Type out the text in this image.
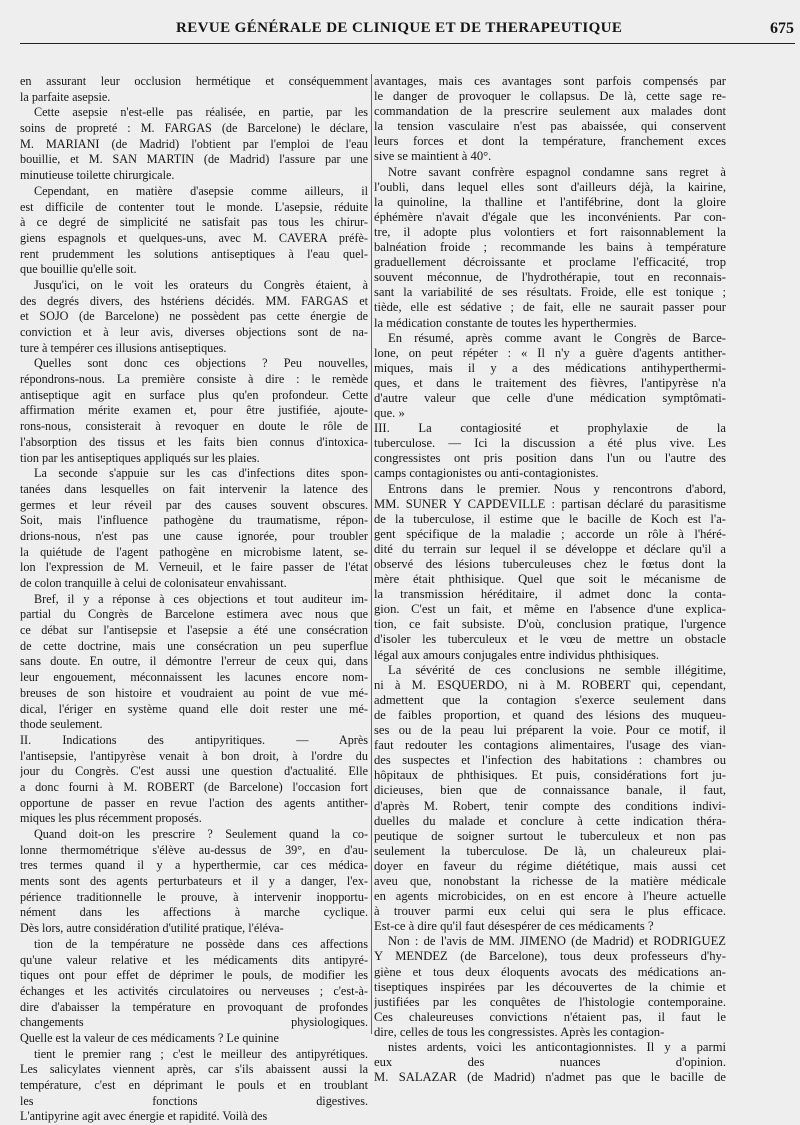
REVUE GÉNÉRALE DE CLINIQUE ET DE THERAPEUTIQUE	675
en assurant leur occlusion hermétique et conséquemment
la parfaite asepsie.
Cette asepsie n'est-elle pas réalisée, en partie, par les
soins de propreté : M. FARGAS (de Barcelone) le déclare,
M. MARIANI (de Madrid) l'obtient par l'emploi de l'eau
bouillie, et M. SAN MARTIN (de Madrid) l'assure par une
minutieuse toilette chirurgicale.
Cependant, en matière d'asepsie comme ailleurs, il
est difficile de contenter tout le monde. L'asepsie, réduite
à ce degré de simplicité ne satisfait pas tous les chirur-
giens espagnols et quelques-uns, avec M. CAVERA préfè-
rent prudemment les solutions antiseptiques à l'eau quel-
que bouillie qu'elle soit.
Jusqu'ici, on le voit les orateurs du Congrès étaient, à
des degrés divers, des hstériens décidés. MM. FARGAS et
et SOJO (de Barcelone) ne possèdent pas cette énergie de
conviction et à leur avis, diverses objections sont de na-
ture à tempérer ces illusions antiseptiques.
Quelles sont donc ces objections ? Peu nouvelles,
répondrons-nous. La première consiste à dire : le remède
antiseptique agit en surface plus qu'en profondeur. Cette
affirmation mérite examen et, pour être justifiée, ajoute-
rons-nous, consisterait à revoquer en doute le rôle de
l'absorption des tissus et les faits bien connus d'intoxica-
tion par les antiseptiques appliqués sur les plaies.
La seconde s'appuie sur les cas d'infections dites spon-
tanées dans lesquelles on fait intervenir la latence des
germes et leur réveil par des causes souvent obscures.
Soit, mais l'influence pathogène du traumatisme, répon-
drions-nous, n'est pas une cause ignorée, pour troubler
la quiétude de l'agent pathogène en microbisme latent, se-
lon l'expression de M. Verneuil, et le faire passer de l'état
de colon tranquille à celui de colonisateur envahissant.
Bref, il y a réponse à ces objections et tout auditeur im-
partial du Congrès de Barcelone estimera avec nous que
ce débat sur l'antisepsie et l'asepsie a été une consécration
de cette doctrine, mais une consécration un peu superflue
sans doute. En outre, il démontre l'erreur de ceux qui, dans
leur engouement, méconnaissent les lacunes encore nom-
breuses de son histoire et voudraient au point de vue mé-
dical, l'ériger en système quand elle doit rester une mé-
thode seulement.
II. Indications des antipyritiques. — Après
l'antisepsie, l'antipyrèse venait à bon droit, à l'ordre du
jour du Congrès. C'est aussi une question d'actualité. Elle
a donc fourni à M. ROBERT (de Barcelone) l'occasion fort
opportune de passer en revue l'action des agents antither-
miques les plus récemment proposés.
Quand doit-on les prescrire ? Seulement quand la co-
lonne thermométrique s'élève au-dessus de 39°, en d'au-
tres termes quand il y a hyperthermie, car ces médica-
ments sont des agents perturbateurs et il y a danger, l'ex-
périence traditionnelle le prouve, à intervenir inopportu-
nément dans les affections à marche cyclique.
Dès lors, autre considération d'utilité pratique, l'éléva-
tion de la température ne possède dans ces affections
qu'une valeur relative et les médicaments dits antipyré-
tiques ont pour effet de déprimer le pouls, de modifier les
échanges et les activités circulatoires ou nerveuses ; c'est-à-
dire d'abaisser la température en provoquant de profondes
changements physiologiques.
Quelle est la valeur de ces médicaments ? Le quinine
tient le premier rang ; c'est le meilleur des antipyrétiques.
Les salicylates viennent après, car s'ils abaissent aussi la
température, c'est en déprimant le pouls et en troublant
les fonctions digestives.
L'antipyrine agit avec énergie et rapidité. Voilà des
avantages, mais ces avantages sont parfois compensés par
le danger de provoquer le collapsus. De là, cette sage re-
commandation de la prescrire seulement aux malades dont
la tension vasculaire n'est pas abaissée, qui conservent
leurs forces et dont la température, franchement exces
sive se maintient à 40°.
Notre savant confrère espagnol condamne sans regret à
l'oubli, dans lequel elles sont d'ailleurs déjà, la kairine,
la quinoline, la thalline et l'antifébrine, dont la gloire
éphémère n'avait d'égale que les inconvénients. Par con-
tre, il adopte plus volontiers et fort raisonnablement la
balnéation froide ; recommande les bains à température
graduellement décroissante et proclame l'efficacité, trop
souvent méconnue, de l'hydrothérapie, tout en reconnais-
sant la variabilité de ses résultats. Froide, elle est tonique ;
tiède, elle est sédative ; de fait, elle ne saurait passer pour
la médication constante de toutes les hyperthermies.
En résumé, après comme avant le Congrès de Barce-
lone, on peut répéter : « Il n'y a guère d'agents antither-
miques, mais il y a des médications antihyperthermi-
ques, et dans le traitement des fièvres, l'antipyrèse n'a
d'autre valeur que celle d'une médication symptômati-
que. »
III. La contagiosité et prophylaxie de la
tuberculose. — Ici la discussion a été plus vive. Les
congressistes ont pris position dans l'un ou l'autre des
camps contagionistes ou anti-contagionistes.
Entrons dans le premier. Nous y rencontrons d'abord,
MM. SUNER Y CAPDEVILLE : partisan déclaré du parasitisme
de la tuberculose, il estime que le bacille de Koch est l'a-
gent spécifique de la maladie ; accorde un rôle à l'héré-
dité du terrain sur lequel il se développe et déclare qu'il a
observé des lésions tuberculeuses chez le fœtus dont la
mère était phthisique. Quel que soit le mécanisme de
la transmission héréditaire, il admet donc la conta-
gion. C'est un fait, et même en l'absence d'une explica-
tion, ce fait subsiste. D'où, conclusion pratique, l'urgence
d'isoler les tuberculeux et le vœu de mettre un obstacle
légal aux amours conjugales entre individus phthisiques.
La sévérité de ces conclusions ne semble illégitime,
ni à M. ESQUERDO, ni à M. ROBERT qui, cependant,
admettent que la contagion s'exerce seulement dans
de faibles proportion, et quand des lésions des muqueu-
ses ou de la peau lui préparent la voie. Pour ce motif, il
faut redouter les contagions alimentaires, l'usage des vian-
des suspectes et l'infection des habitations : chambres ou
hôpitaux de phthisiques. Et puis, considérations fort ju-
dicieuses, bien que de connaissance banale, il faut,
d'après M. Robert, tenir compte des conditions indivi-
duelles du malade et conclure à cette indication théra-
peutique de soigner surtout le tuberculeux et non pas
seulement la tuberculose. De là, un chaleureux plai-
doyer en faveur du régime diététique, mais aussi cet
aveu que, nonobstant la richesse de la matière médicale
en agents microbicides, on en est encore à l'heure actuelle
à trouver parmi eux celui qui sera le plus efficace.
Est-ce à dire qu'il faut désespérer de ces médicaments ?
Non : de l'avis de MM. JIMENO (de Madrid) et RODRIGUEZ
Y MENDEZ (de Barcelone), tous deux professeurs d'hy-
giène et tous deux éloquents avocats des médications an-
tiseptiques inspirées par les découvertes de la chimie et
justifiées par les conquêtes de l'histologie contemporaine.
Ces chaleureuses convictions n'étaient pas, il faut le
dire, celles de tous les congressistes. Après les contagion-
nistes ardents, voici les anticontagionnistes. Il y a parmi
eux des nuances d'opinion.
M. SALAZAR (de Madrid) n'admet pas que le bacille de
